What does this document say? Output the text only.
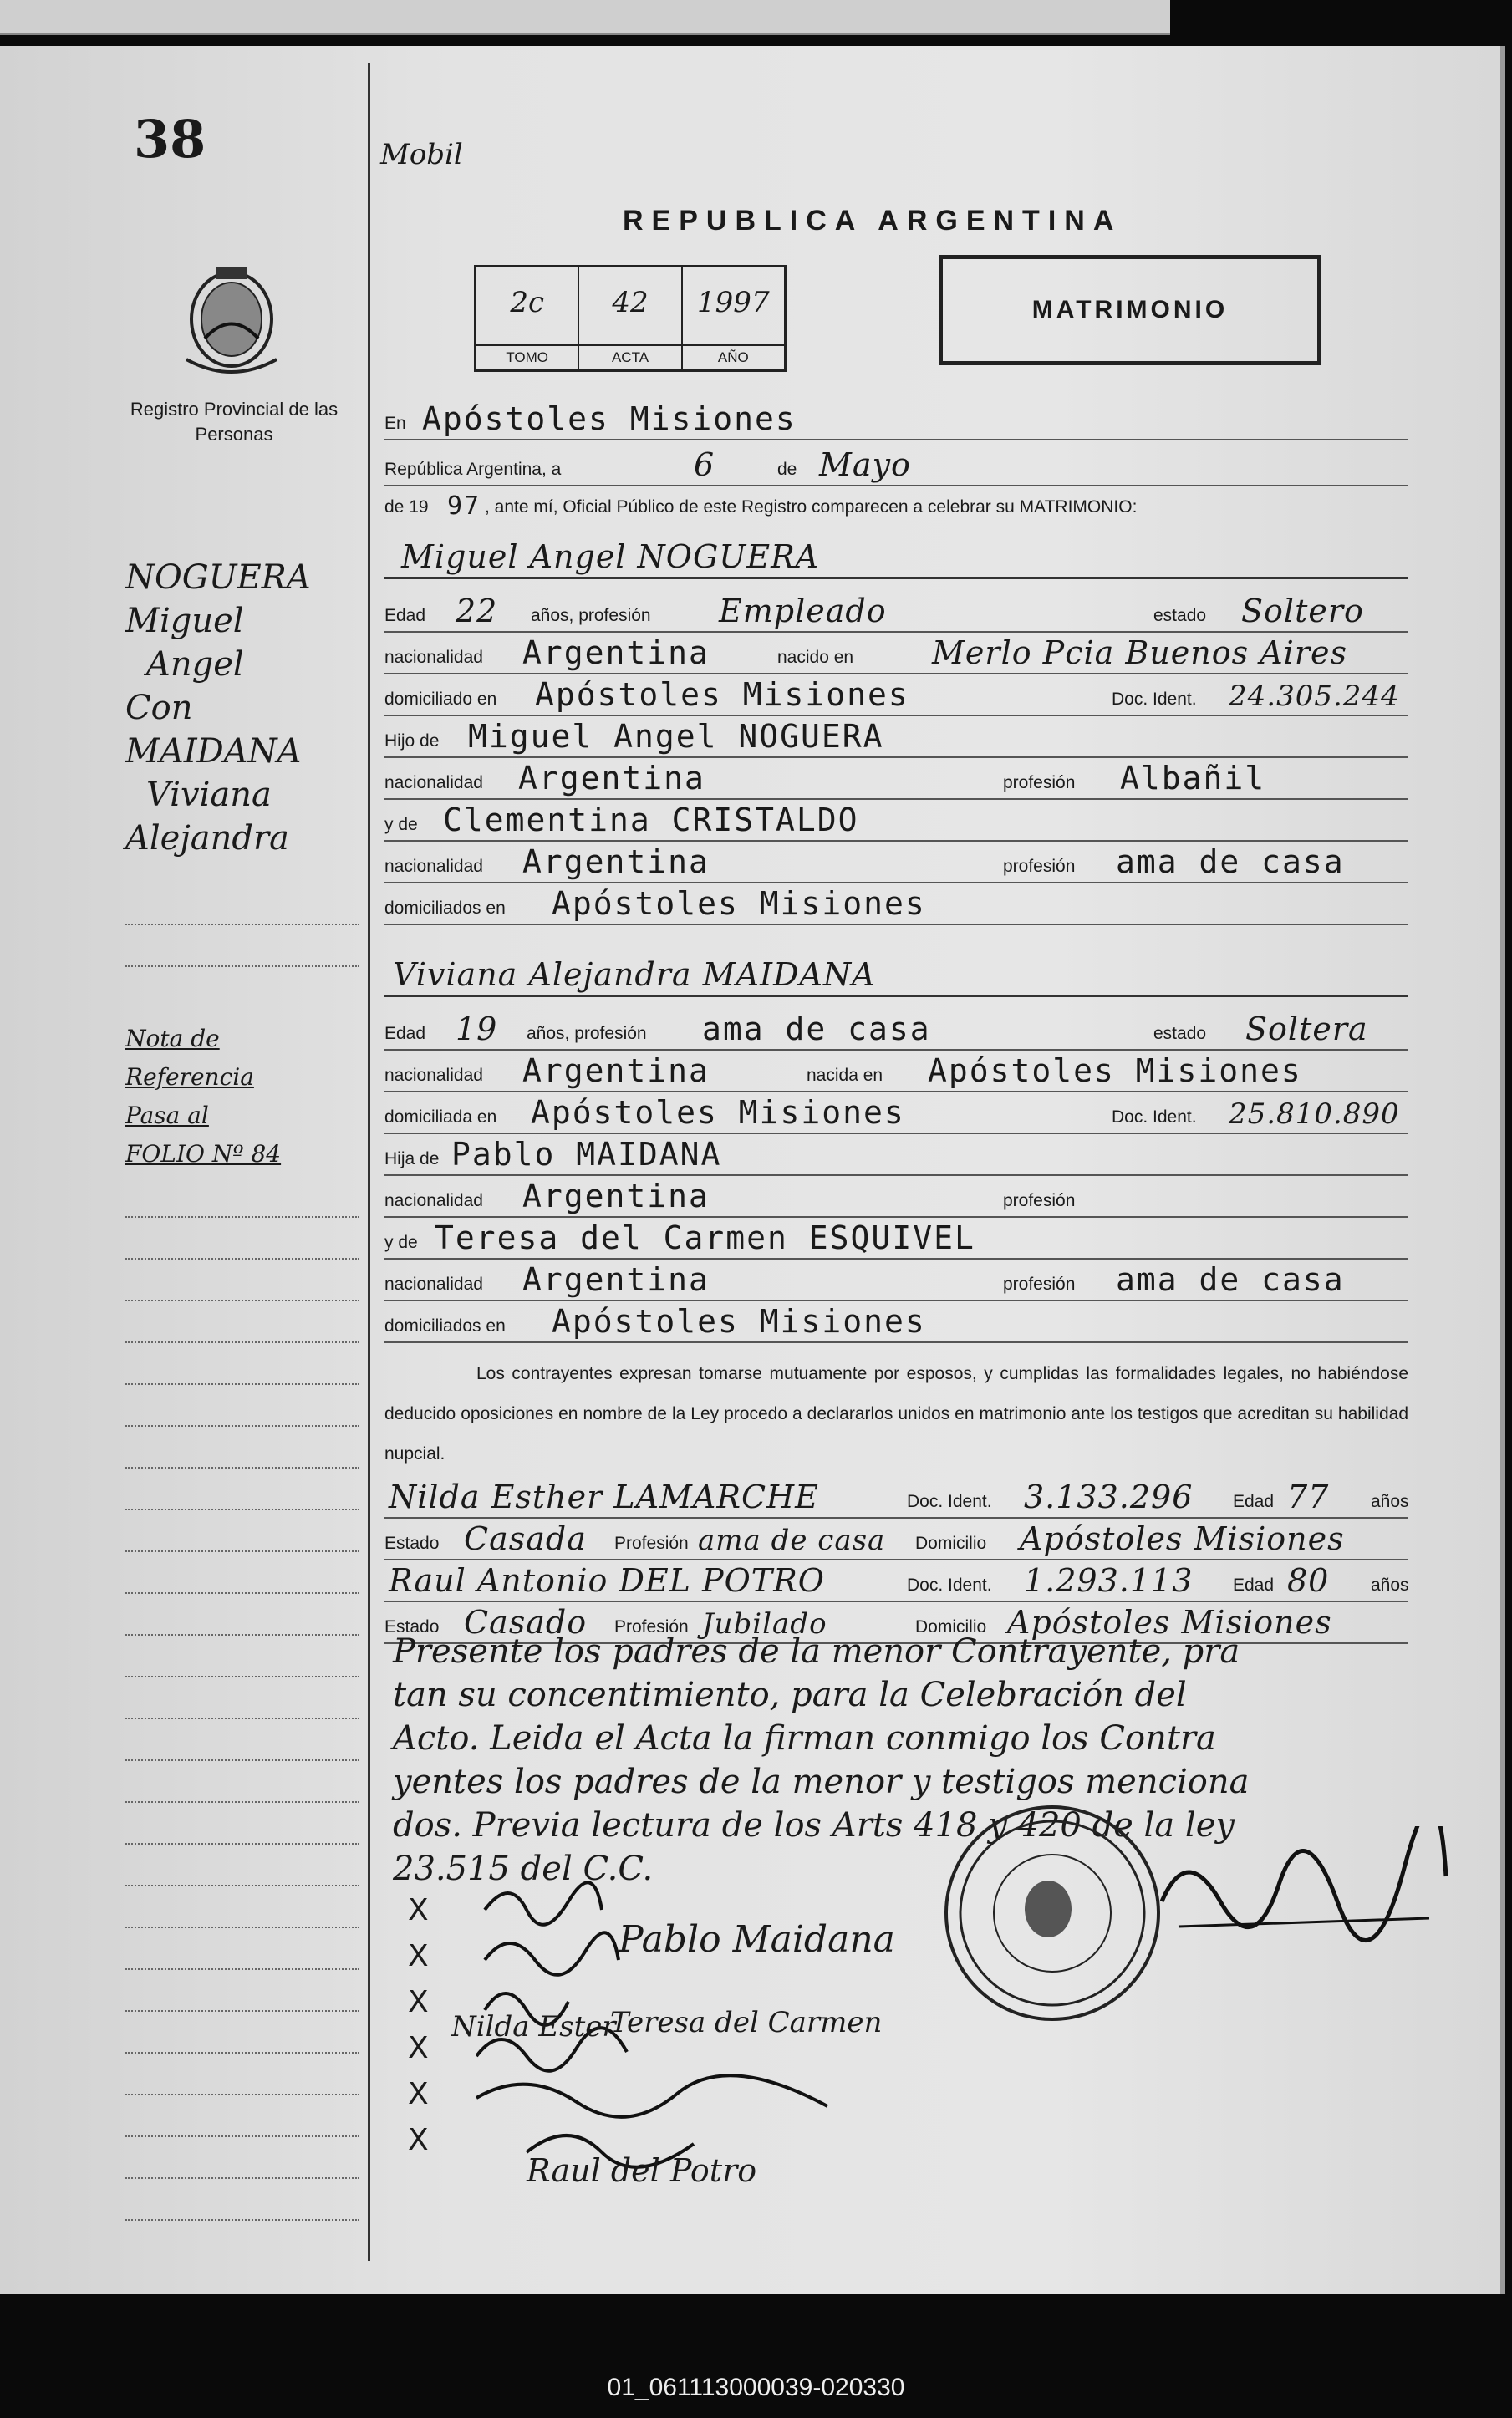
38	Mobil
REPUBLICA ARGENTINA
Registro Provincial de las Personas
2c
TOMO
42
ACTA
1997
AÑO
MATRIMONIO
En Apóstoles Misiones
República Argentina, a	6	de Mayo
de 19 97 , ante mí, Oficial Público de este Registro comparecen a celebrar su MATRIMONIO:
Miguel Angel NOGUERA
Edad 22 años, profesión Empleado	estado Soltero
nacionalidad Argentina	nacido en Merlo Pcia Buenos Aires
domiciliado en Apóstoles Misiones	Doc. Ident. 24.305.244
Hijo de Miguel Angel NOGUERA
nacionalidad Argentina	profesión Albañil
y de Clementina CRISTALDO
nacionalidad Argentina	profesión ama de casa
domiciliados en Apóstoles Misiones
Viviana Alejandra MAIDANA
Edad 19 años, profesión ama de casa	estado Soltera
nacionalidad Argentina	nacida en Apóstoles Misiones
domiciliada en Apóstoles Misiones	Doc. Ident. 25.810.890
Hija de Pablo MAIDANA
nacionalidad Argentina	profesión
y de Teresa del Carmen ESQUIVEL
nacionalidad Argentina	profesión ama de casa
domiciliados en Apóstoles Misiones
Los contrayentes expresan tomarse mutuamente por esposos, y cumplidas las formalidades legales, no habiéndose deducido oposiciones en nombre de la Ley procedo a declararlos unidos en matrimonio ante los testigos que acreditan su habilidad nupcial.
Nilda Esther LAMARCHE	Doc. Ident. 3.133.296 Edad 77 años
Estado Casada Profesión ama de casa Domicilio Apóstoles Misiones
Raul Antonio DEL POTRO	Doc. Ident. 1.293.113 Edad 80 años
Estado Casado Profesión Jubilado	Domicilio Apóstoles Misiones
Presente los padres de la menor Contrayente, pra
tan su concentimiento, para la Celebración del
Acto. Leida el Acta la firman conmigo los Contra
yentes los padres de la menor y testigos menciona
dos. Previa lectura de los Arts 418 y 420 de la ley
23.515 del C.C.
X
X
X
X
X
X
Pablo Maidana
Teresa del Carmen
Nilda Ester
Raul del Potro
NOGUERA
Miguel
Angel
Con
MAIDANA
Viviana
Alejandra
Nota de
Referencia
Pasa al
FOLIO Nº 84
01_061113000039-020330
